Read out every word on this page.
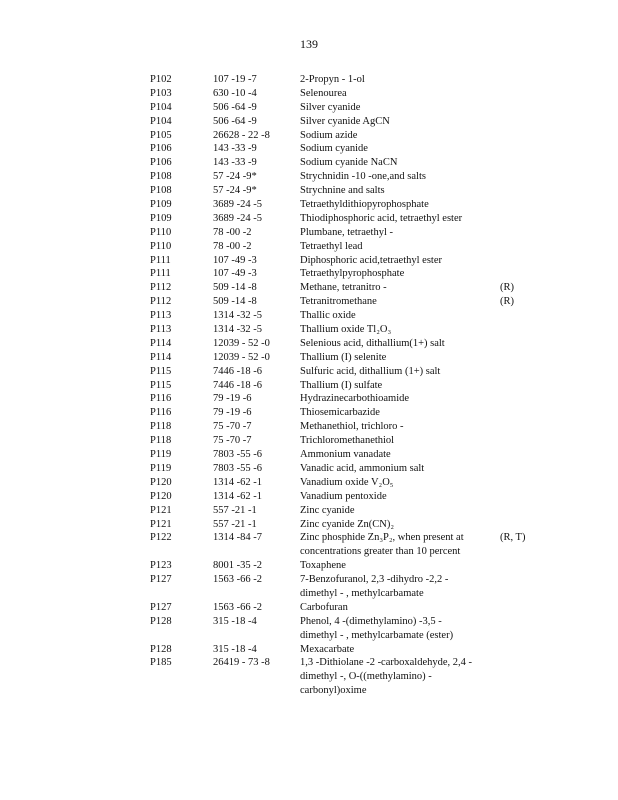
139
P102	107 -19 -7	2-Propyn - 1-ol
P103	630 -10 -4	Selenourea
P104	506 -64 -9	Silver cyanide
P104	506 -64 -9	Silver cyanide AgCN
P105	26628 - 22 -8	Sodium azide
P106	143 -33 -9	Sodium cyanide
P106	143 -33 -9	Sodium cyanide NaCN
P108	57 -24 -9*	Strychnidin -10 -one,and salts
P108	57 -24 -9*	Strychnine and salts
P109	3689 -24 -5	Tetraethyldithiopyrophosphate
P109	3689 -24 -5	Thiodiphosphoric acid, tetraethyl ester
P110	78 -00 -2	Plumbane, tetraethyl -
P110	78 -00 -2	Tetraethyl lead
P111	107 -49 -3	Diphosphoric acid,tetraethyl ester
P111	107 -49 -3	Tetraethylpyrophosphate
P112	509 -14 -8	Methane, tetranitro -	(R)
P112	509 -14 -8	Tetranitromethane	(R)
P113	1314 -32 -5	Thallic oxide
P113	1314 -32 -5	Thallium oxide Tl₂O₃
P114	12039 - 52 -0	Selenious acid, dithallium(1+) salt
P114	12039 - 52 -0	Thallium (I) selenite
P115	7446 -18 -6	Sulfuric acid, dithallium (1+) salt
P115	7446 -18 -6	Thallium (I) sulfate
P116	79 -19 -6	Hydrazinecarbothioamide
P116	79 -19 -6	Thiosemicarbazide
P118	75 -70 -7	Methanethiol, trichloro -
P118	75 -70 -7	Trichloromethanethiol
P119	7803 -55 -6	Ammonium vanadate
P119	7803 -55 -6	Vanadic acid, ammonium salt
P120	1314 -62 -1	Vanadium oxide V₂O₅
P120	1314 -62 -1	Vanadium pentoxide
P121	557 -21 -1	Zinc cyanide
P121	557 -21 -1	Zinc cyanide Zn(CN)₂
P122	1314 -84 -7	Zinc phosphide Zn₃P₂, when present at
concentrations greater than 10 percent
(R, T)
P123	8001 -35 -2	Toxaphene
P127	1563 -66 -2	7-Benzofuranol, 2,3 -dihydro -2,2 -
dimethyl - , methylcarbamate
P127	1563 -66 -2	Carbofuran
P128	315 -18 -4	Phenol, 4 -(dimethylamino) -3,5 -
dimethyl - , methylcarbamate (ester)
P128	315 -18 -4	Mexacarbate
P185	26419 - 73 -8	1,3 -Dithiolane -2 -carboxaldehyde, 2,4 -
dimethyl -, O-((methylamino) -
carbonyl)oxime
